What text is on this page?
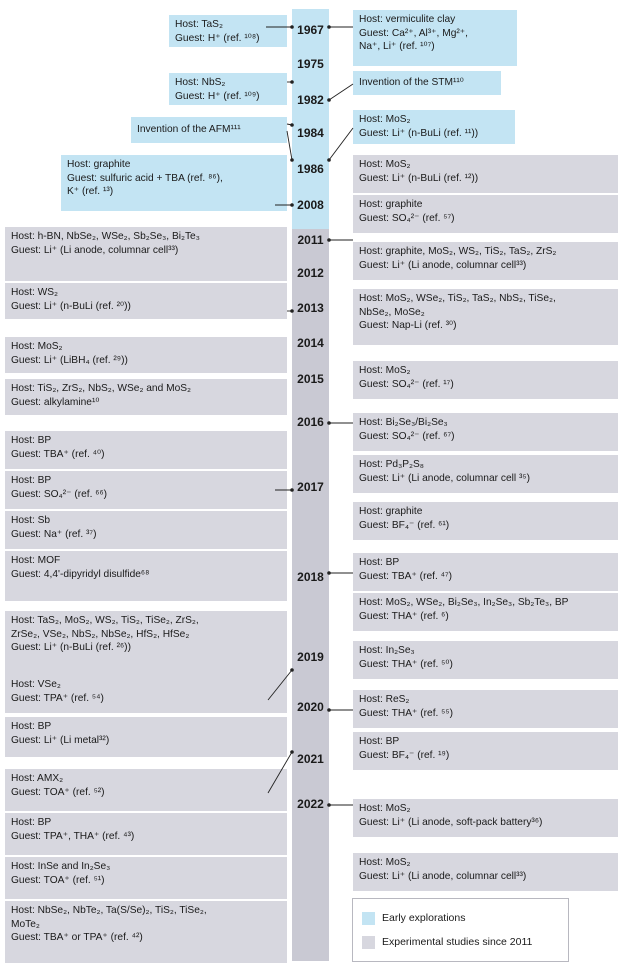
1967
1975
1982
1984
1986
2008
2011
2012
2013
2014
2015
2016
2017
2018
2019
2020
2021
2022
Host: TaS₂
Guest: H⁺ (ref. ¹⁰⁸)
Host: NbS₂
Guest: H⁺ (ref. ¹⁰⁹)
Invention of the AFM¹¹¹
Host: graphite
Guest: sulfuric acid + TBA (ref. ⁸⁶),
K⁺ (ref. ¹³)
Host: h-BN, NbSe₂, WSe₂, Sb₂Se₃, Bi₂Te₃
Guest: Li⁺ (Li anode, columnar cell³³)
Host: WS₂
Guest: Li⁺ (n-BuLi (ref. ²⁰))
Host: MoS₂
Guest: Li⁺ (LiBH₄ (ref. ²⁹))
Host: TiS₂, ZrS₂, NbS₂, WSe₂ and MoS₂
Guest: alkylamine¹⁰
Host: BP
Guest: TBA⁺ (ref. ⁴⁰)
Host: BP
Guest: SO₄²⁻ (ref. ⁶⁶)
Host: Sb
Guest: Na⁺ (ref. ³⁷)
Host: MOF
Guest: 4,4'-dipyridyl disulfide⁶⁸
Host: TaS₂, MoS₂, WS₂, TiS₂, TiSe₂, ZrS₂,
ZrSe₂, VSe₂, NbS₂, NbSe₂, HfS₂, HfSe₂
Guest: Li⁺ (n-BuLi (ref. ²⁶))
Host: VSe₂
Guest: TPA⁺ (ref. ⁵⁴)
Host: BP
Guest: Li⁺ (Li metal³²)
Host: AMX₂
Guest: TOA⁺ (ref. ⁵²)
Host: BP
Guest: TPA⁺, THA⁺ (ref. ⁴³)
Host: InSe and In₂Se₃
Guest: TOA⁺ (ref. ⁵¹)
Host: NbSe₂, NbTe₂, Ta(S/Se)₂, TiS₂, TiSe₂,
MoTe₂
Guest: TBA⁺ or TPA⁺ (ref. ⁴²)
Host: vermiculite clay
Guest: Ca²⁺, Al³⁺, Mg²⁺,
Na⁺, Li⁺ (ref. ¹⁰⁷)
Invention of the STM¹¹⁰
Host: MoS₂
Guest: Li⁺ (n-BuLi (ref. ¹¹))
Host: MoS₂
Guest: Li⁺ (n-BuLi (ref. ¹²))
Host: graphite
Guest: SO₄²⁻ (ref. ⁵⁷)
Host: graphite, MoS₂, WS₂, TiS₂, TaS₂, ZrS₂
Guest: Li⁺ (Li anode, columnar cell³³)
Host: MoS₂, WSe₂, TiS₂, TaS₂, NbS₂, TiSe₂,
NbSe₂, MoSe₂
Guest: Nap-Li (ref. ³⁰)
Host: MoS₂
Guest: SO₄²⁻ (ref. ¹⁷)
Host: Bi₂Se₃/Bi₂Se₃
Guest: SO₄²⁻ (ref. ⁶⁷)
Host: Pd₃P₂S₈
Guest: Li⁺ (Li anode, columnar cell ³⁵)
Host: graphite
Guest: BF₄⁻ (ref. ⁶¹)
Host: BP
Guest: TBA⁺ (ref. ⁴⁷)
Host: MoS₂, WSe₂, Bi₂Se₃, In₂Se₃, Sb₂Te₃, BP
Guest: THA⁺ (ref. ⁶)
Host: In₂Se₃
Guest: THA⁺ (ref. ⁵⁰)
Host: ReS₂
Guest: THA⁺ (ref. ⁵⁵)
Host: BP
Guest: BF₄⁻ (ref. ¹⁹)
Host: MoS₂
Guest: Li⁺ (Li anode, soft-pack battery³⁶)
Host: MoS₂
Guest: Li⁺ (Li anode, columnar cell³³)
Early explorations
Experimental studies since 2011
